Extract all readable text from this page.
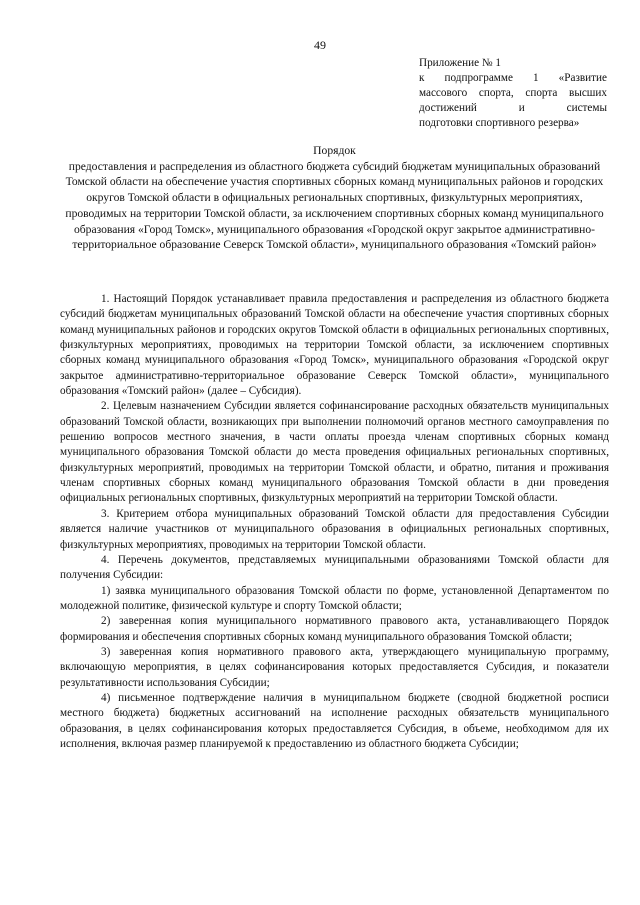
49
Приложение № 1
к подпрограмме 1 «Развитие
массового спорта, спорта высших
достижений и системы
подготовки спортивного резерва»
Порядок
предоставления и распределения из областного бюджета субсидий бюджетам муниципальных образований Томской области на обеспечение участия спортивных сборных команд муниципальных районов и городских округов Томской области в официальных региональных спортивных, физкультурных мероприятиях, проводимых на территории Томской области, за исключением спортивных сборных команд муниципального образования «Город Томск», муниципального образования «Городской округ закрытое административно-территориальное образование Северск Томской области», муниципального образования «Томский район»

1. Настоящий Порядок устанавливает правила предоставления и распределения из областного бюджета субсидий бюджетам муниципальных образований Томской области на обеспечение участия спортивных сборных команд муниципальных районов и городских округов Томской области в официальных региональных спортивных, физкультурных мероприятиях, проводимых на территории Томской области, за исключением спортивных сборных команд муниципального образования «Город Томск», муниципального образования «Городской округ закрытое административно-территориальное образование Северск Томской области», муниципального образования «Томский район» (далее – Субсидия).

2. Целевым назначением Субсидии является софинансирование расходных обязательств муниципальных образований Томской области, возникающих при выполнении полномочий органов местного самоуправления по решению вопросов местного значения, в части оплаты проезда членам спортивных сборных команд муниципального образования Томской области до места проведения официальных региональных спортивных, физкультурных мероприятий, проводимых на территории Томской области, и обратно, питания и проживания членам спортивных сборных команд муниципального образования Томской области в дни проведения официальных региональных спортивных, физкультурных мероприятий на территории Томской области.

3. Критерием отбора муниципальных образований Томской области для предоставления Субсидии является наличие участников от муниципального образования в официальных региональных спортивных, физкультурных мероприятиях, проводимых на территории Томской области.

4. Перечень документов, представляемых муниципальными образованиями Томской области для получения Субсидии:

1) заявка муниципального образования Томской области по форме, установленной Департаментом по молодежной политике, физической культуре и спорту Томской области;

2) заверенная копия муниципального нормативного правового акта, устанавливающего Порядок формирования и обеспечения спортивных сборных команд муниципального образования Томской области;

3) заверенная копия нормативного правового акта, утверждающего муниципальную программу, включающую мероприятия, в целях софинансирования которых предоставляется Субсидия, и показатели результативности использования Субсидии;

4) письменное подтверждение наличия в муниципальном бюджете (сводной бюджетной росписи местного бюджета) бюджетных ассигнований на исполнение расходных обязательств муниципального образования, в целях софинансирования которых предоставляется Субсидия, в объеме, необходимом для их исполнения, включая размер планируемой к предоставлению из областного бюджета Субсидии;
